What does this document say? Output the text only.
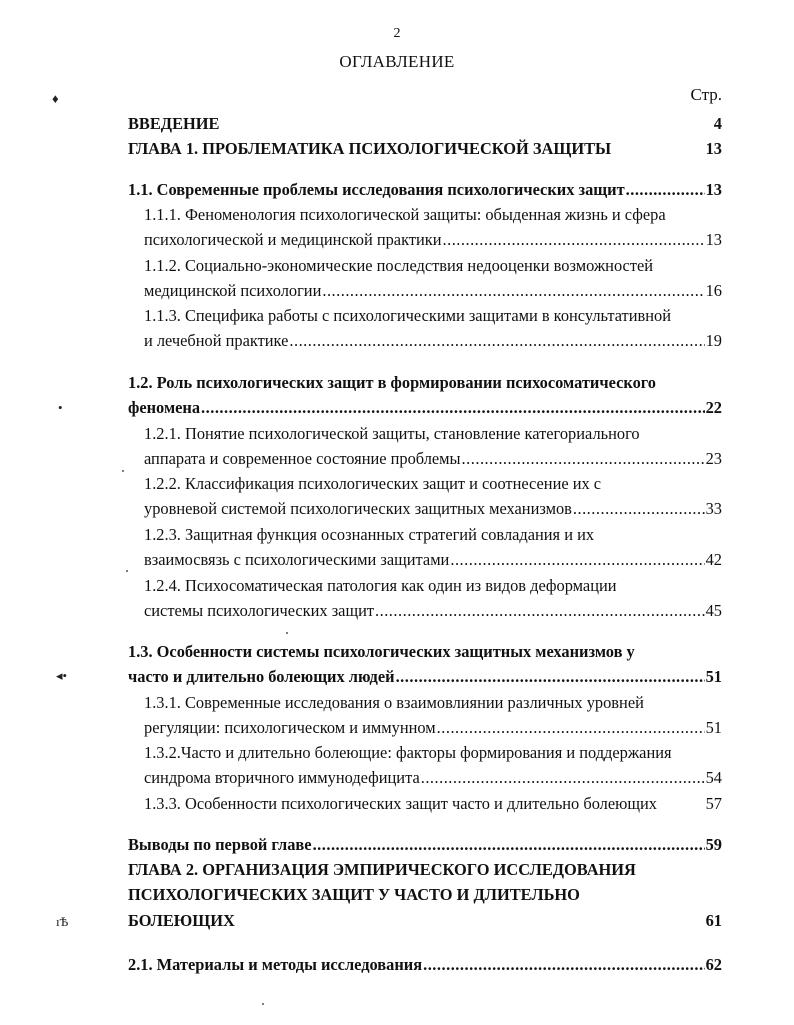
2
ОГЛАВЛЕНИЕ
Стр.
♦
•
◂•
ıѢ
ВВЕДЕНИЕ	4
ГЛАВА 1. ПРОБЛЕМАТИКА ПСИХОЛОГИЧЕСКОЙ ЗАЩИТЫ	13
1.1. Современные проблемы исследования психологических защит .....	13
1.1.1. Феноменология психологической защиты: обыденная жизнь и сфера
психологической и медицинской практики .....	13
1.1.2. Социально-экономические последствия недооценки возможностей
медицинской психологии .....	16
1.1.3. Специфика работы с психологическими защитами в консультативной
и лечебной практике .....	19
1.2. Роль психологических защит в формировании психосоматического
феномена .....	22
1.2.1. Понятие психологической защиты, становление категориального
аппарата и современное состояние проблемы .....	23
1.2.2. Классификация психологических защит и соотнесение их с
уровневой системой психологических защитных механизмов .....	33
1.2.3. Защитная функция осознанных стратегий совладания и их
взаимосвязь с психологическими защитами .....	42
1.2.4. Психосоматическая патология как один из видов деформации
системы психологических защит .....	45
1.3. Особенности системы психологических защитных механизмов у
часто и длительно болеющих людей .....	51
1.3.1. Современные исследования о взаимовлиянии различных уровней
регуляции: психологическом и иммунном .....	51
1.3.2.Часто и длительно болеющие: факторы формирования и поддержания
синдрома вторичного иммунодефицита .....	54
1.3.3. Особенности психологических защит часто и длительно болеющих	57
Выводы по первой главе .....	59
ГЛАВА 2. ОРГАНИЗАЦИЯ ЭМПИРИЧЕСКОГО ИССЛЕДОВАНИЯ
ПСИХОЛОГИЧЕСКИХ ЗАЩИТ У ЧАСТО И ДЛИТЕЛЬНО
БОЛЕЮЩИХ	61
2.1. Материалы и методы исследования .....	62
